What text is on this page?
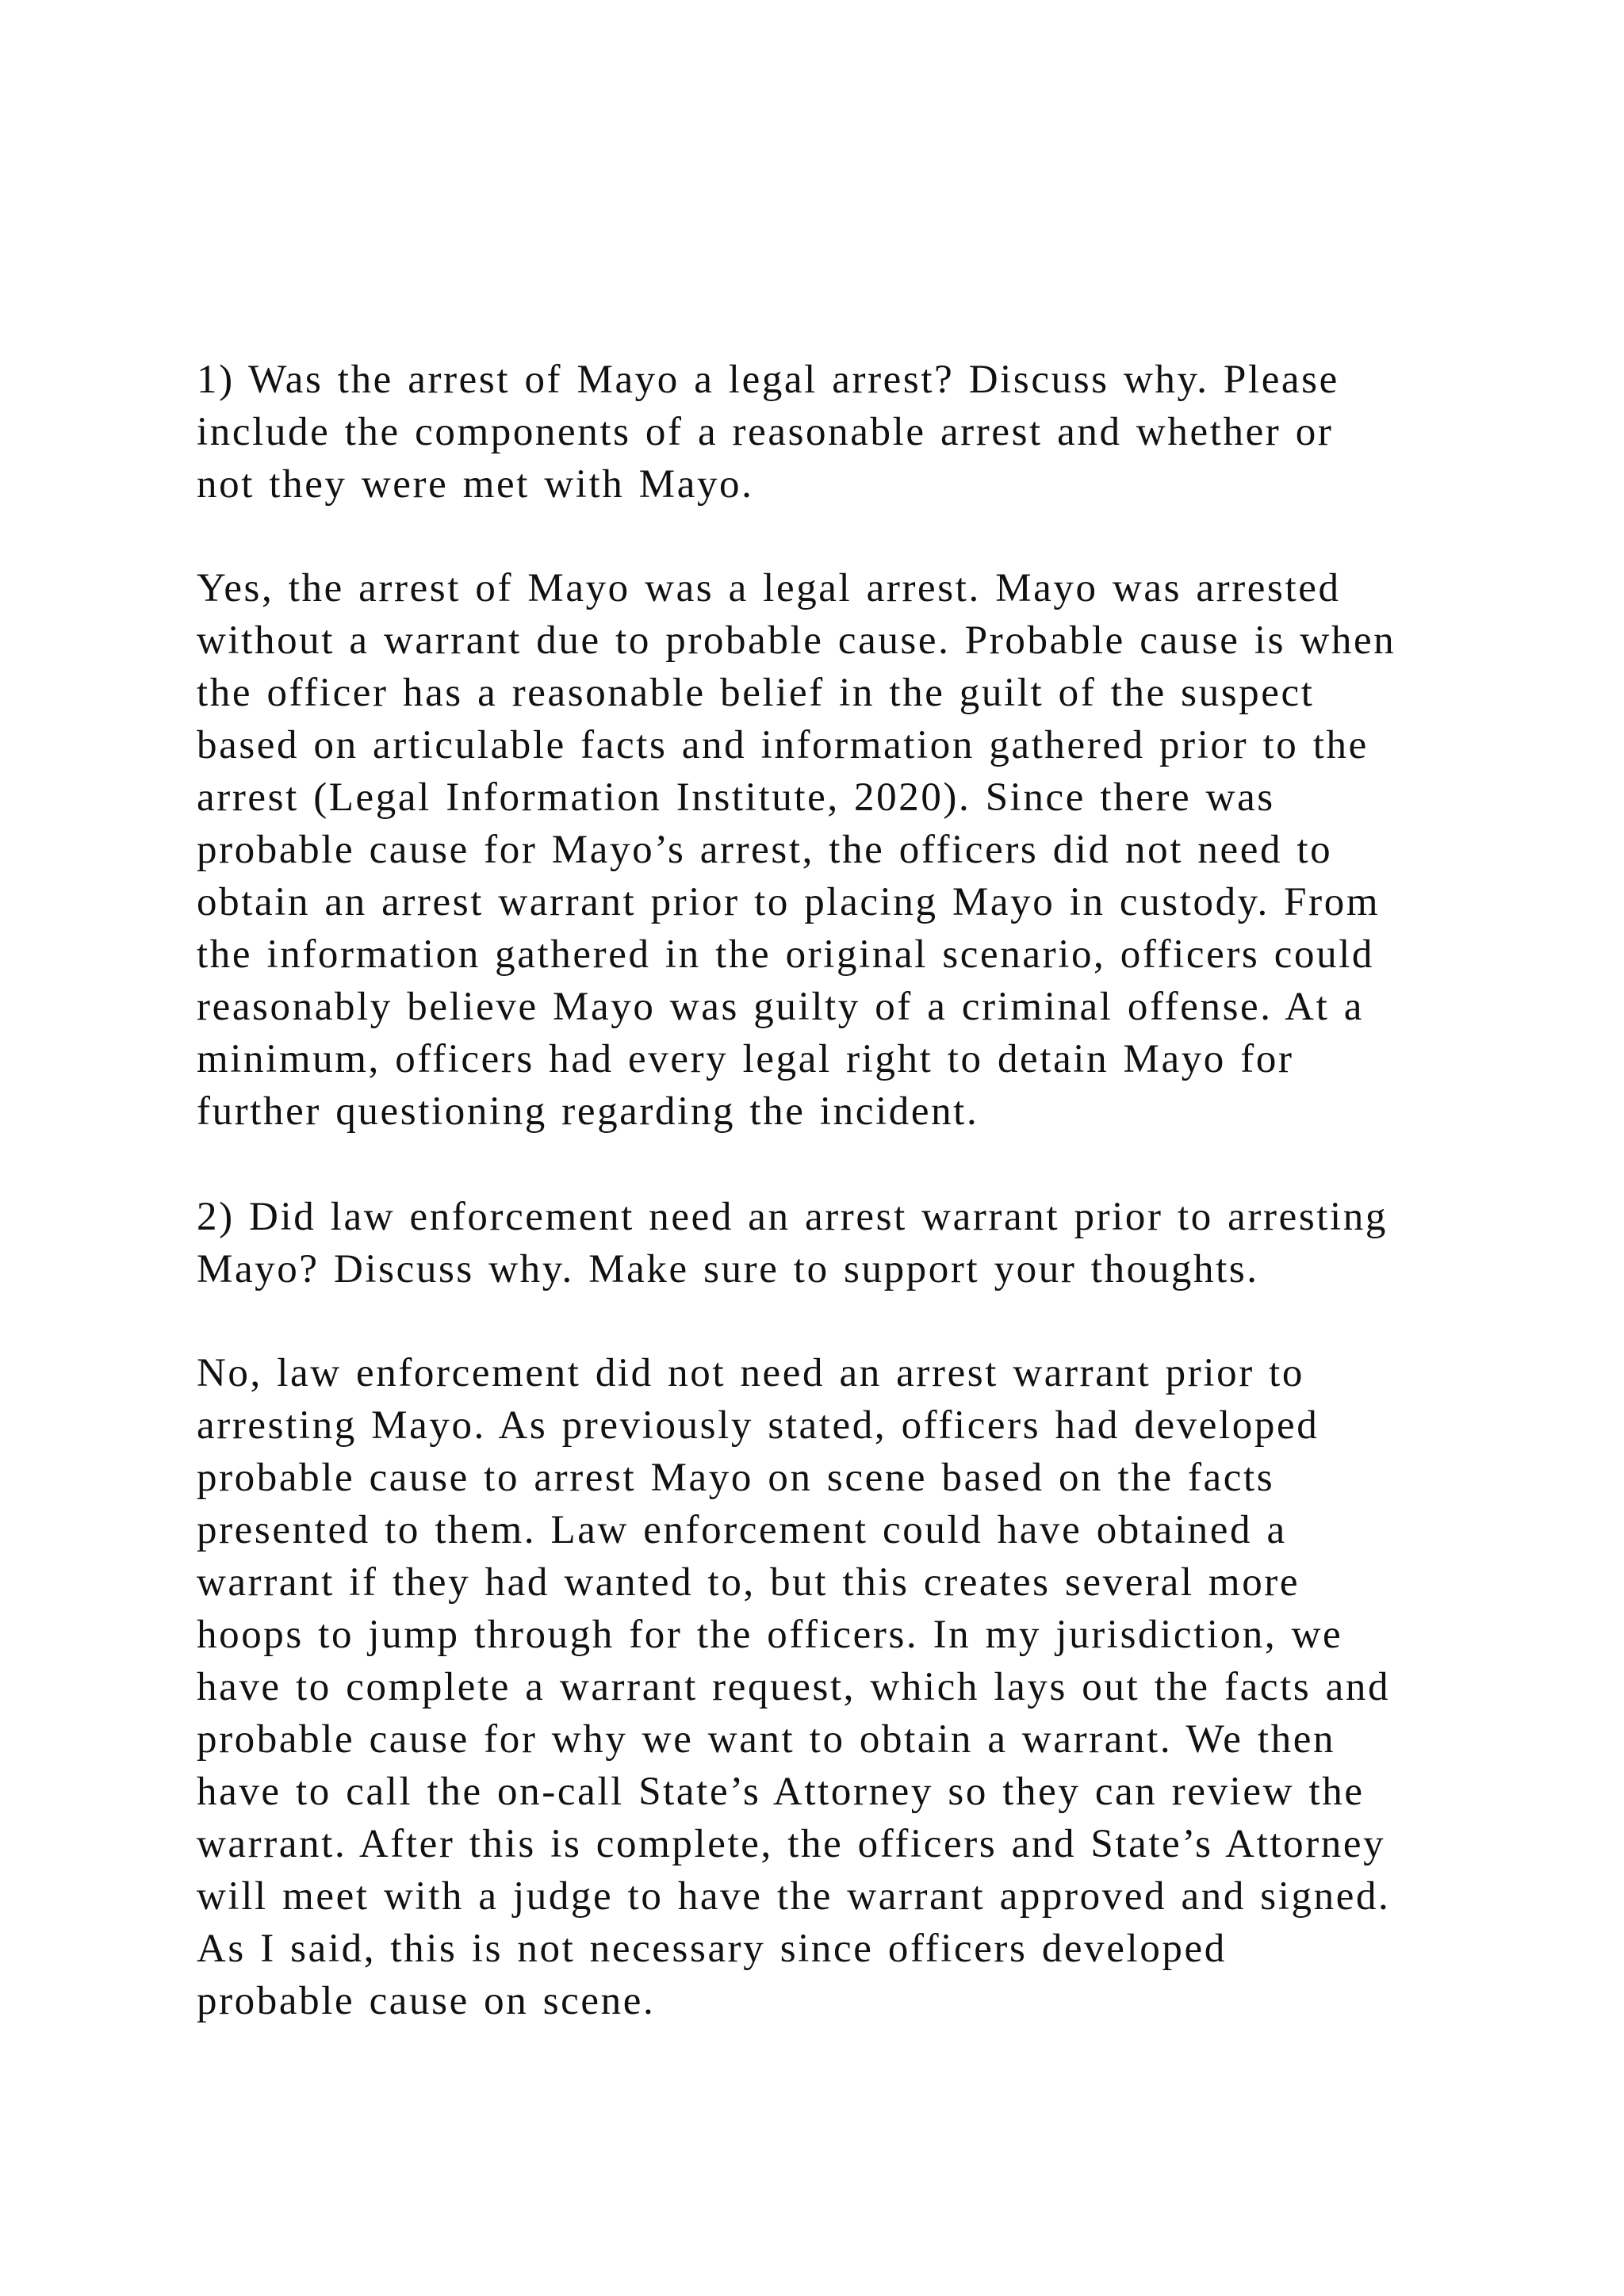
1) Was the arrest of Mayo a legal arrest? Discuss why. Please
include the components of a reasonable arrest and whether or
not they were met with Mayo.
Yes, the arrest of Mayo was a legal arrest. Mayo was arrested
without a warrant due to probable cause. Probable cause is when
the officer has a reasonable belief in the guilt of the suspect
based on articulable facts and information gathered prior to the
arrest (Legal Information Institute, 2020). Since there was
probable cause for Mayo’s arrest, the officers did not need to
obtain an arrest warrant prior to placing Mayo in custody. From
the information gathered in the original scenario, officers could
reasonably believe Mayo was guilty of a criminal offense. At a
minimum, officers had every legal right to detain Mayo for
further questioning regarding the incident.
2) Did law enforcement need an arrest warrant prior to arresting
Mayo? Discuss why. Make sure to support your thoughts.
No, law enforcement did not need an arrest warrant prior to
arresting Mayo. As previously stated, officers had developed
probable cause to arrest Mayo on scene based on the facts
presented to them. Law enforcement could have obtained a
warrant if they had wanted to, but this creates several more
hoops to jump through for the officers. In my jurisdiction, we
have to complete a warrant request, which lays out the facts and
probable cause for why we want to obtain a warrant. We then
have to call the on-call State’s Attorney so they can review the
warrant. After this is complete, the officers and State’s Attorney
will meet with a judge to have the warrant approved and signed.
As I said, this is not necessary since officers developed
probable cause on scene.
